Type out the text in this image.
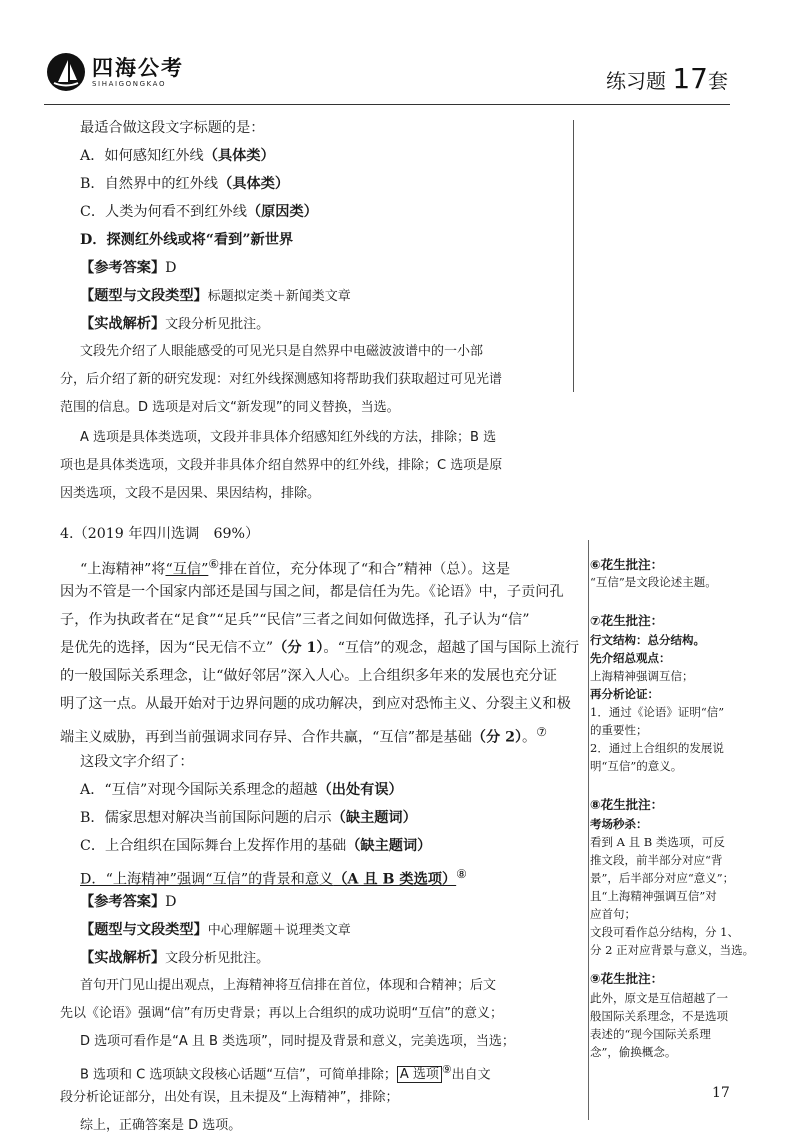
四海公考
SIHAIGONGKAO	练习题 17套
最适合做这段文字标题的是：
A．如何感知红外线（具体类）
B．自然界中的红外线（具体类）
C．人类为何看不到红外线（原因类）
D．探测红外线或将“看到”新世界
【参考答案】D
【题型与文段类型】标题拟定类＋新闻类文章
【实战解析】文段分析见批注。
文段先介绍了人眼能感受的可见光只是自然界中电磁波波谱中的一小部
分，后介绍了新的研究发现：对红外线探测感知将帮助我们获取超过可见光谱
范围的信息。D 选项是对后文“新发现”的同义替换，当选。
A 选项是具体类选项，文段并非具体介绍感知红外线的方法，排除；B 选
项也是具体类选项，文段并非具体介绍自然界中的红外线，排除；C 选项是原
因类选项，文段不是因果、果因结构，排除。
4.（2019 年四川选调　69%）
“上海精神”将“互信”⑥排在首位，充分体现了“和合”精神（总）。这是
因为不管是一个国家内部还是国与国之间，都是信任为先。《论语》中，子贡问孔
子，作为执政者在“足食”“足兵”“民信”三者之间如何做选择，孔子认为“信”
是优先的选择，因为“民无信不立”（分 1）。“互信”的观念，超越了国与国际上流行
的一般国际关系理念，让“做好邻居”深入人心。上合组织多年来的发展也充分证
明了这一点。从最开始对于边界问题的成功解决，到应对恐怖主义、分裂主义和极
端主义威胁，再到当前强调求同存异、合作共赢，“互信”都是基础（分 2）。⑦
这段文字介绍了：
A．“互信”对现今国际关系理念的超越（出处有误）
B．儒家思想对解决当前国际问题的启示（缺主题词）
C．上合组织在国际舞台上发挥作用的基础（缺主题词）
D．“上海精神”强调“互信”的背景和意义（A 且 B 类选项）⑧
【参考答案】D
【题型与文段类型】中心理解题＋说理类文章
【实战解析】文段分析见批注。
首句开门见山提出观点，上海精神将互信排在首位，体现和合精神；后文
先以《论语》强调“信”有历史背景；再以上合组织的成功说明“互信”的意义；
D 选项可看作是“A 且 B 类选项”，同时提及背景和意义，完美选项，当选；
B 选项和 C 选项缺文段核心话题“互信”，可简单排除； A 选项 ⑨出自文
段分析论证部分，出处有误，且未提及“上海精神”，排除；
综上，正确答案是 D 选项。
⑥花生批注：
“互信”是文段论述主题。
⑦花生批注：
行文结构：总分结构。
先介绍总观点：
上海精神强调互信；
再分析论证：
1．通过《论语》证明“信”
的重要性；
2．通过上合组织的发展说
明“互信”的意义。
⑧花生批注：
考场秒杀：
看到 A 且 B 类选项，可反
推文段，前半部分对应“背
景”，后半部分对应“意义”；
且“上海精神强调互信”对
应首句；
文段可看作总分结构，分 1、
分 2 正对应背景与意义，当选。
⑨花生批注：
此外，原文是互信超越了一
般国际关系理念，不是选项
表述的“现今国际关系理
念”，偷换概念。
17
